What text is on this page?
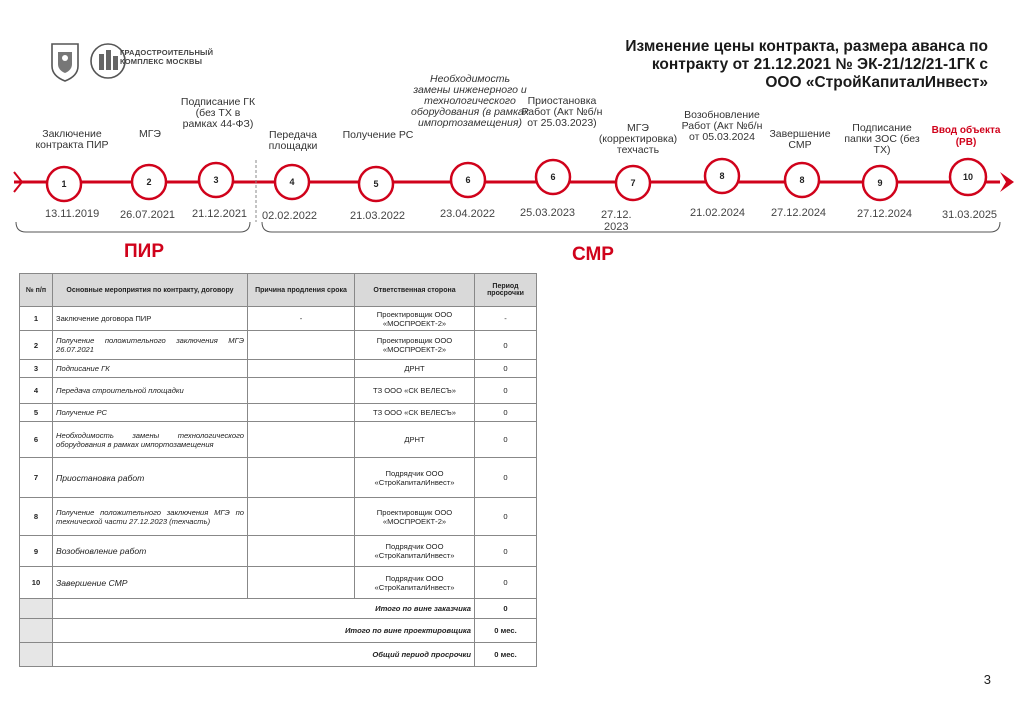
ГРАДОСТРОИТЕЛЬНЫЙ
КОМПЛЕКС МОСКВЫ
Изменение цены контракта, размера аванса по
контракту от 21.12.2021 № ЭК-21/12/21-1ГК с
ООО «СтройКапиталИнвест»
1	2	3	4	5	6	6
7
8	8	9
10
Заключение контракта ПИР
13.11.2019
МГЭ
26.07.2021
Подписание ГК (без ТХ в рамках 44-ФЗ)
21.12.2021
Передача площадки
02.02.2022
Получение РС
21.03.2022
Необходимость замены инженерного и технологического оборудования (в рамках импортозамещения)
23.04.2022
Приостановка Работ (Акт №б/н от 25.03.2023)
25.03.2023
МГЭ (корректировка) техчасть
27.12. 2023
Возобновление Работ (Акт №б/н от 05.03.2024
21.02.2024
Завершение СМР
27.12.2024
Подписание папки ЗОС (без ТХ)
27.12.2024	31.03.2025
ПИР	СМР
Ввод объекта (РВ)
№ п/п	Основные мероприятия по контракту, договору	Причина продления срока	Ответственная сторона	Период просрочки
1	Заключение договора ПИР	-	Проектировщик ООО «МОСПРОЕКТ-2»	-
2	Получение положительного заключения МГЭ 26.07.2021		Проектировщик ООО «МОСПРОЕКТ-2»	0
3	Подписание ГК		ДРНТ	0
4	Передача строительной площадки		ТЗ ООО «СК ВЕЛЕСЪ»	0
5	Получение РС		ТЗ ООО «СК ВЕЛЕСЪ»	0
6	Необходимость замены технологического оборудования в рамках импортозамещения		ДРНТ	0
7	Приостановка работ		Подрядчик ООО «СтроКапиталИнвест»	0
8	Получение положительного заключения МГЭ по технической части 27.12.2023 (техчасть)		Проектировщик ООО «МОСПРОЕКТ-2»	0
9	Возобновление работ		Подрядчик ООО «СтроКапиталИнвест»	0
10	Завершение СМР		Подрядчик ООО «СтроКапиталИнвест»	0
	Итого по вине заказчика			0
	Итого по вине проектировщика			0 мес.
	Общий период просрочки			0 мес.
3
